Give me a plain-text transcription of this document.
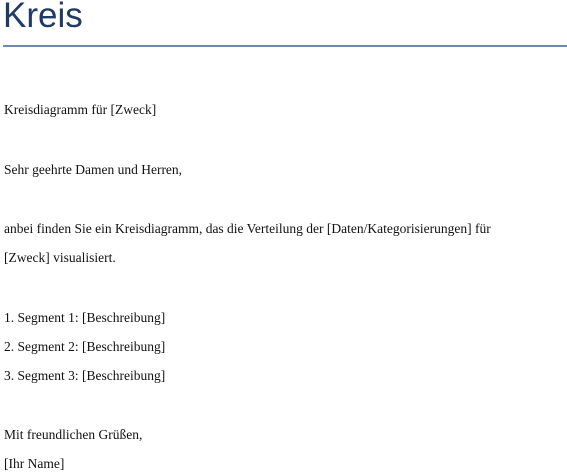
Kreis

Kreisdiagramm für [Zweck]

Sehr geehrte Damen und Herren,

anbei finden Sie ein Kreisdiagramm, das die Verteilung der [Daten/Kategorisierungen] für

[Zweck] visualisiert.

1. Segment 1: [Beschreibung]

2. Segment 2: [Beschreibung]

3. Segment 3: [Beschreibung]

Mit freundlichen Grüßen,

[Ihr Name]
